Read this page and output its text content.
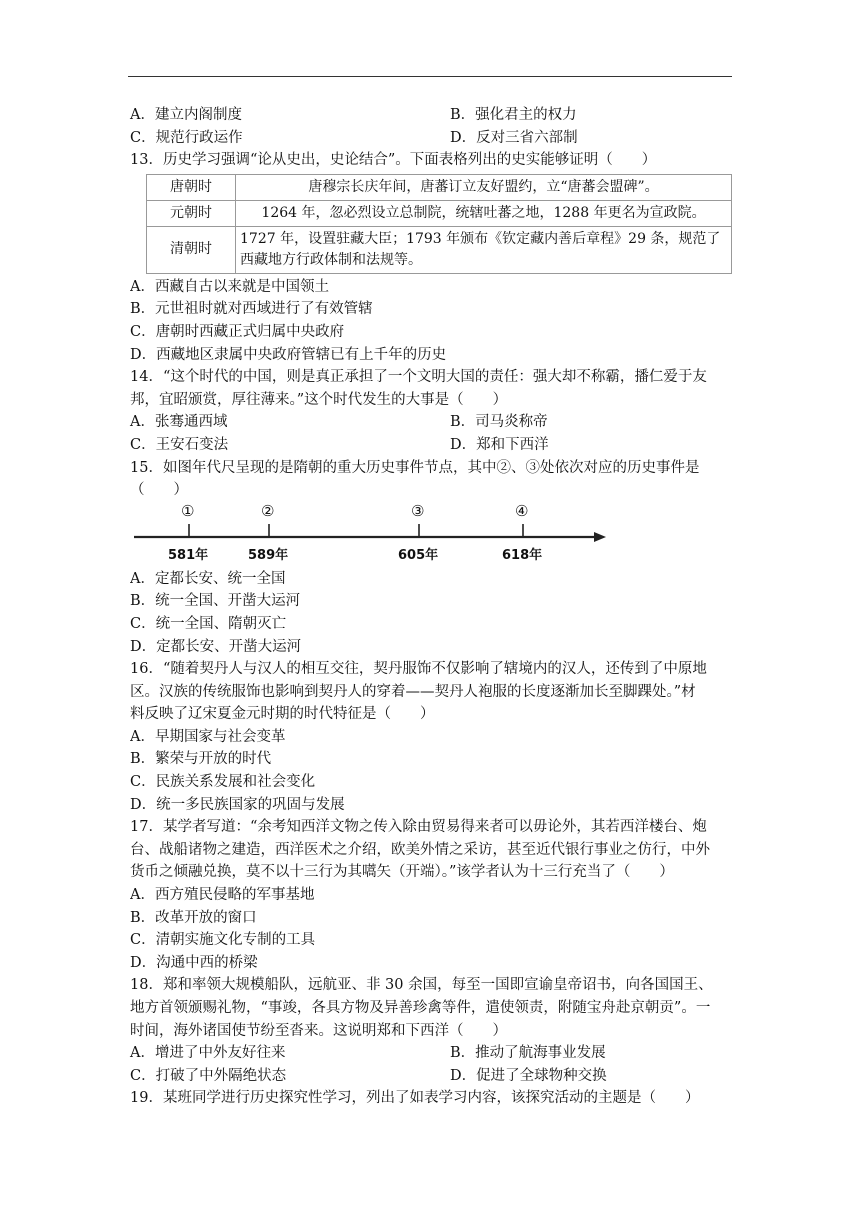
A．建立内阁制度	B．强化君主的权力
C．规范行政运作	D．反对三省六部制
13．历史学习强调“论从史出，史论结合”。下面表格列出的史实能够证明（　　）
唐朝时	唐穆宗长庆年间，唐蕃订立友好盟约，立“唐蕃会盟碑”。
元朝时	1264 年，忽必烈设立总制院，统辖吐蕃之地，1288 年更名为宣政院。
清朝时	1727 年，设置驻藏大臣；1793 年颁布《钦定藏内善后章程》29 条，规范了西藏地方行政体制和法规等。
A．西藏自古以来就是中国领土
B．元世祖时就对西域进行了有效管辖
C．唐朝时西藏正式归属中央政府
D．西藏地区隶属中央政府管辖已有上千年的历史
14．“这个时代的中国，则是真正承担了一个文明大国的责任：强大却不称霸，播仁爱于友
邦，宜昭颁赏，厚往薄来。”这个时代发生的大事是（　　）
A．张骞通西域	B．司马炎称帝
C．王安石变法	D．郑和下西洋
15．如图年代尺呈现的是隋朝的重大历史事件节点，其中②、③处依次对应的历史事件是
（　　）
①	②	③	④
581年	589年	605年	618年
A．定都长安、统一全国
B．统一全国、开凿大运河
C．统一全国、隋朝灭亡
D．定都长安、开凿大运河
16．“随着契丹人与汉人的相互交往，契丹服饰不仅影响了辖境内的汉人，还传到了中原地
区。汉族的传统服饰也影响到契丹人的穿着——契丹人袍服的长度逐渐加长至脚踝处。”材
料反映了辽宋夏金元时期的时代特征是（　　）
A．早期国家与社会变革
B．繁荣与开放的时代
C．民族关系发展和社会变化
D．统一多民族国家的巩固与发展
17．某学者写道：“余考知西洋文物之传入除由贸易得来者可以毋论外，其若西洋楼台、炮
台、战船诸物之建造，西洋医术之介绍，欧美外情之采访，甚至近代银行事业之仿行，中外
货币之倾融兑换，莫不以十三行为其嚆矢（开端）。”该学者认为十三行充当了（　　）
A．西方殖民侵略的军事基地
B．改革开放的窗口
C．清朝实施文化专制的工具
D．沟通中西的桥梁
18．郑和率领大规模船队，远航亚、非 30 余国，每至一国即宣谕皇帝诏书，向各国国王、
地方首领颁赐礼物，“事竣，各具方物及异善珍禽等件，遣使领责，附随宝舟赴京朝贡”。一
时间，海外诸国使节纷至沓来。这说明郑和下西洋（　　）
A．增进了中外友好往来	B．推动了航海事业发展
C．打破了中外隔绝状态	D．促进了全球物种交换
19．某班同学进行历史探究性学习，列出了如表学习内容，该探究活动的主题是（　　）
